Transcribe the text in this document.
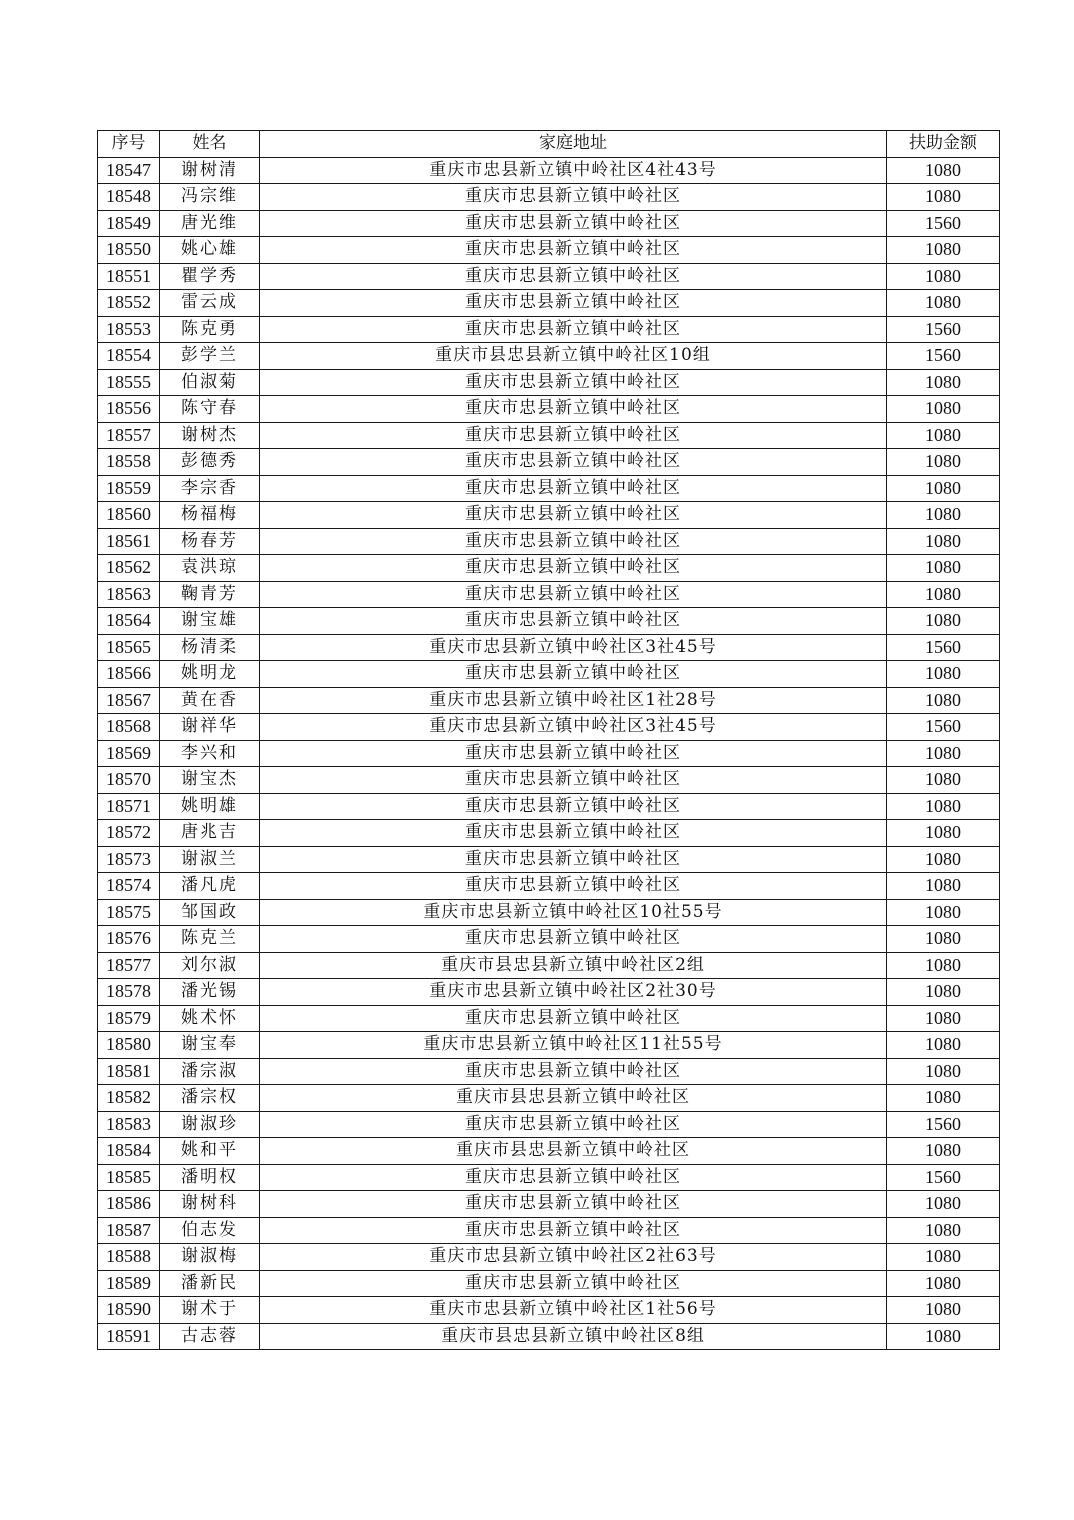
序号	姓名	家庭地址	扶助金额
18547	谢树清	重庆市忠县新立镇中岭社区4社43号	1080
18548	冯宗维	重庆市忠县新立镇中岭社区	1080
18549	唐光维	重庆市忠县新立镇中岭社区	1560
18550	姚心雄	重庆市忠县新立镇中岭社区	1080
18551	瞿学秀	重庆市忠县新立镇中岭社区	1080
18552	雷云成	重庆市忠县新立镇中岭社区	1080
18553	陈克勇	重庆市忠县新立镇中岭社区	1560
18554	彭学兰	重庆市县忠县新立镇中岭社区10组	1560
18555	伯淑菊	重庆市忠县新立镇中岭社区	1080
18556	陈守春	重庆市忠县新立镇中岭社区	1080
18557	谢树杰	重庆市忠县新立镇中岭社区	1080
18558	彭德秀	重庆市忠县新立镇中岭社区	1080
18559	李宗香	重庆市忠县新立镇中岭社区	1080
18560	杨福梅	重庆市忠县新立镇中岭社区	1080
18561	杨春芳	重庆市忠县新立镇中岭社区	1080
18562	袁洪琼	重庆市忠县新立镇中岭社区	1080
18563	鞠青芳	重庆市忠县新立镇中岭社区	1080
18564	谢宝雄	重庆市忠县新立镇中岭社区	1080
18565	杨清柔	重庆市忠县新立镇中岭社区3社45号	1560
18566	姚明龙	重庆市忠县新立镇中岭社区	1080
18567	黄在香	重庆市忠县新立镇中岭社区1社28号	1080
18568	谢祥华	重庆市忠县新立镇中岭社区3社45号	1560
18569	李兴和	重庆市忠县新立镇中岭社区	1080
18570	谢宝杰	重庆市忠县新立镇中岭社区	1080
18571	姚明雄	重庆市忠县新立镇中岭社区	1080
18572	唐兆吉	重庆市忠县新立镇中岭社区	1080
18573	谢淑兰	重庆市忠县新立镇中岭社区	1080
18574	潘凡虎	重庆市忠县新立镇中岭社区	1080
18575	邹国政	重庆市忠县新立镇中岭社区10社55号	1080
18576	陈克兰	重庆市忠县新立镇中岭社区	1080
18577	刘尔淑	重庆市县忠县新立镇中岭社区2组	1080
18578	潘光锡	重庆市忠县新立镇中岭社区2社30号	1080
18579	姚术怀	重庆市忠县新立镇中岭社区	1080
18580	谢宝奉	重庆市忠县新立镇中岭社区11社55号	1080
18581	潘宗淑	重庆市忠县新立镇中岭社区	1080
18582	潘宗权	重庆市县忠县新立镇中岭社区	1080
18583	谢淑珍	重庆市忠县新立镇中岭社区	1560
18584	姚和平	重庆市县忠县新立镇中岭社区	1080
18585	潘明权	重庆市忠县新立镇中岭社区	1560
18586	谢树科	重庆市忠县新立镇中岭社区	1080
18587	伯志发	重庆市忠县新立镇中岭社区	1080
18588	谢淑梅	重庆市忠县新立镇中岭社区2社63号	1080
18589	潘新民	重庆市忠县新立镇中岭社区	1080
18590	谢术于	重庆市忠县新立镇中岭社区1社56号	1080
18591	古志蓉	重庆市县忠县新立镇中岭社区8组	1080
